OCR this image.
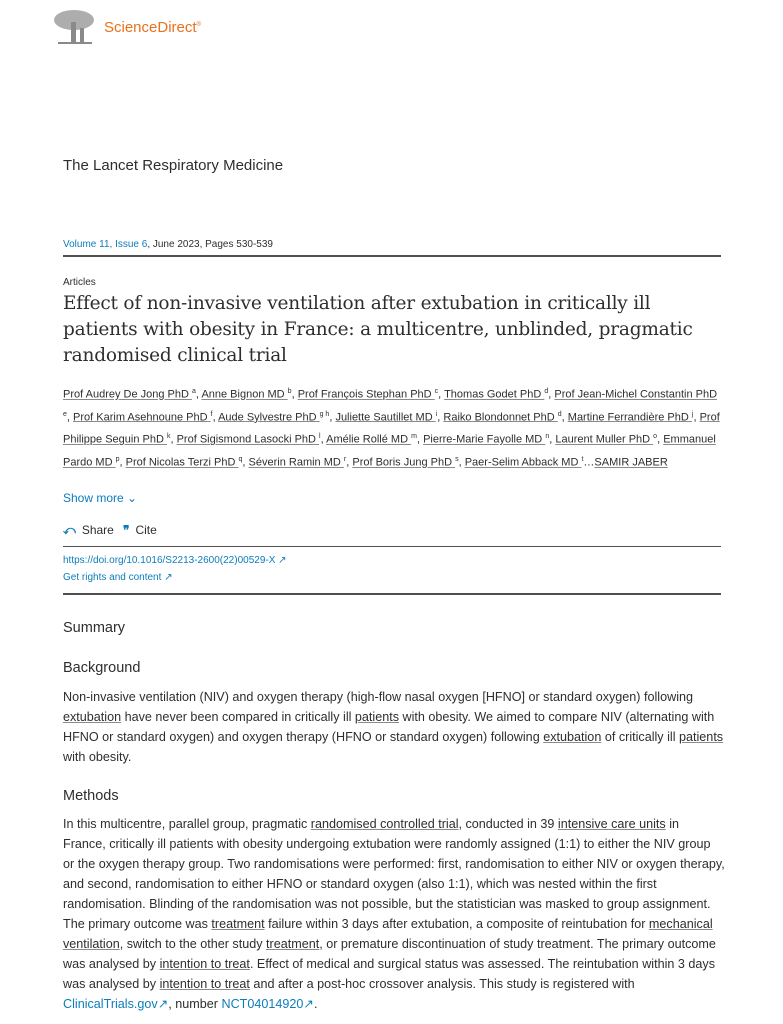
ScienceDirect®
The Lancet Respiratory Medicine
Volume 11, Issue 6, June 2023, Pages 530-539
Articles
Effect of non-invasive ventilation after extubation in critically ill patients with obesity in France: a multicentre, unblinded, pragmatic randomised clinical trial
Prof Audrey De Jong PhD $^a$, Anne Bignon MD $^b$, Prof François Stephan PhD $^c$, Thomas Godet PhD $^d$, Prof Jean-Michel Constantin PhD $^e$, Prof Karim Asehnoune PhD $^f$, Aude Sylvestre PhD $^{g h}$, Juliette Sautillet MD $^i$, Raiko Blondonnet PhD $^d$, Martine Ferrandière PhD $^j$, Prof Philippe Seguin PhD $^k$, Prof Sigismond Lasocki PhD $^l$, Amélie Rollé MD $^m$, Pierre-Marie Fayolle MD $^n$, Laurent Muller PhD $^o$, Emmanuel Pardo MD $^p$, Prof Nicolas Terzi PhD $^q$, Séverin Ramin MD $^r$, Prof Boris Jung PhD $^s$, Paer-Selim Abback MD $^t$…SAMIR JABER
Show more ⌄
⤺ Share ❞ Cite
https://doi.org/10.1016/S2213-2600(22)00529-X ↗
Get rights and content ↗
Summary
Background
Non-invasive ventilation (NIV) and oxygen therapy (high-flow nasal oxygen [HFNO] or standard oxygen) following extubation have never been compared in critically ill patients with obesity. We aimed to compare NIV (alternating with HFNO or standard oxygen) and oxygen therapy (HFNO or standard oxygen) following extubation of critically ill patients with obesity.
Methods
In this multicentre, parallel group, pragmatic randomised controlled trial, conducted in 39 intensive care units in France, critically ill patients with obesity undergoing extubation were randomly assigned (1:1) to either the NIV group or the oxygen therapy group. Two randomisations were performed: first, randomisation to either NIV or oxygen therapy, and second, randomisation to either HFNO or standard oxygen (also 1:1), which was nested within the first randomisation. Blinding of the randomisation was not possible, but the statistician was masked to group assignment. The primary outcome was treatment failure within 3 days after extubation, a composite of reintubation for mechanical ventilation, switch to the other study treatment, or premature discontinuation of study treatment. The primary outcome was analysed by intention to treat. Effect of medical and surgical status was assessed. The reintubation within 3 days was analysed by intention to treat and after a post-hoc crossover analysis. This study is registered with ClinicalTrials.gov↗, number NCT04014920↗.
